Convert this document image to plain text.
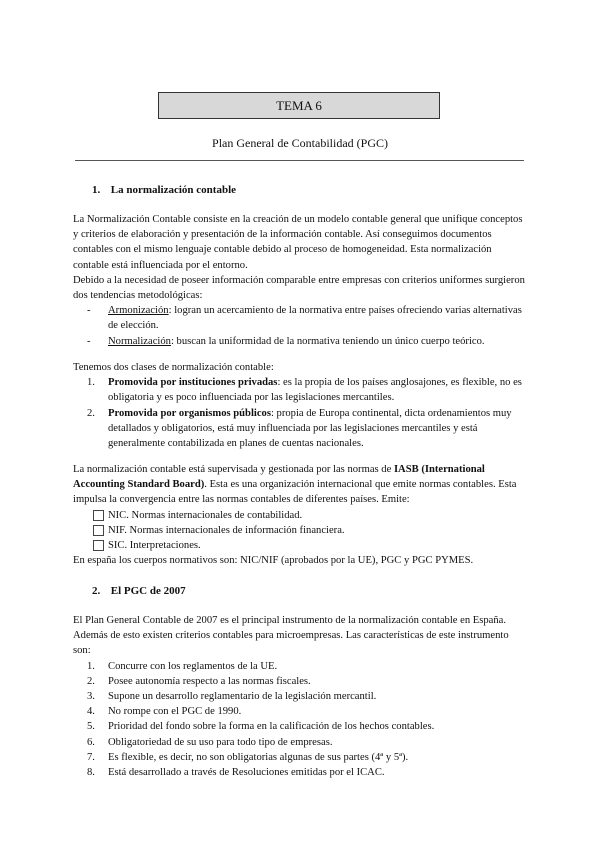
TEMA 6
Plan General de Contabilidad (PGC)
1. La normalización contable

La Normalización Contable consiste en la creación de un modelo contable general que unifique conceptos y criterios de elaboración y presentación de la información contable. Así conseguimos documentos contables con el mismo lenguaje contable debido al proceso de homogeneidad. Esta normalización contable está influenciada por el entorno.

Debido a la necesidad de poseer información comparable entre empresas con criterios uniformes surgieron dos tendencias metodológicas:

- Armonización: logran un acercamiento de la normativa entre países ofreciendo varias alternativas de elección.
- Normalización: buscan la uniformidad de la normativa teniendo un único cuerpo teórico.

Tenemos dos clases de normalización contable:

1. Promovida por instituciones privadas: es la propia de los países anglosajones, es flexible, no es obligatoria y es poco influenciada por las legislaciones mercantiles.
2. Promovida por organismos públicos: propia de Europa continental, dicta ordenamientos muy detallados y obligatorios, está muy influenciada por las legislaciones mercantiles y está generalmente contabilizada en planes de cuentas nacionales.

La normalización contable está supervisada y gestionada por las normas de IASB (International Accounting Standard Board). Esta es una organización internacional que emite normas contables. Esta impulsa la convergencia entre las normas contables de diferentes países. Emite:

NIC. Normas internacionales de contabilidad.
NIF. Normas internacionales de información financiera.
SIC. Interpretaciones.

En españa los cuerpos normativos son: NIC/NIF (aprobados por la UE), PGC y PGC PYMES.

2. El PGC de 2007

El Plan General Contable de 2007 es el principal instrumento de la normalización contable en España. Además de esto existen criterios contables para microempresas. Las características de este instrumento son:

1. Concurre con los reglamentos de la UE.
2. Posee autonomía respecto a las normas fiscales.
3. Supone un desarrollo reglamentario de la legislación mercantil.
4. No rompe con el PGC de 1990.
5. Prioridad del fondo sobre la forma en la calificación de los hechos contables.
6. Obligatoriedad de su uso para todo tipo de empresas.
7. Es flexible, es decir, no son obligatorias algunas de sus partes (4ª y 5ª).
8. Está desarrollado a través de Resoluciones emitidas por el ICAC.
